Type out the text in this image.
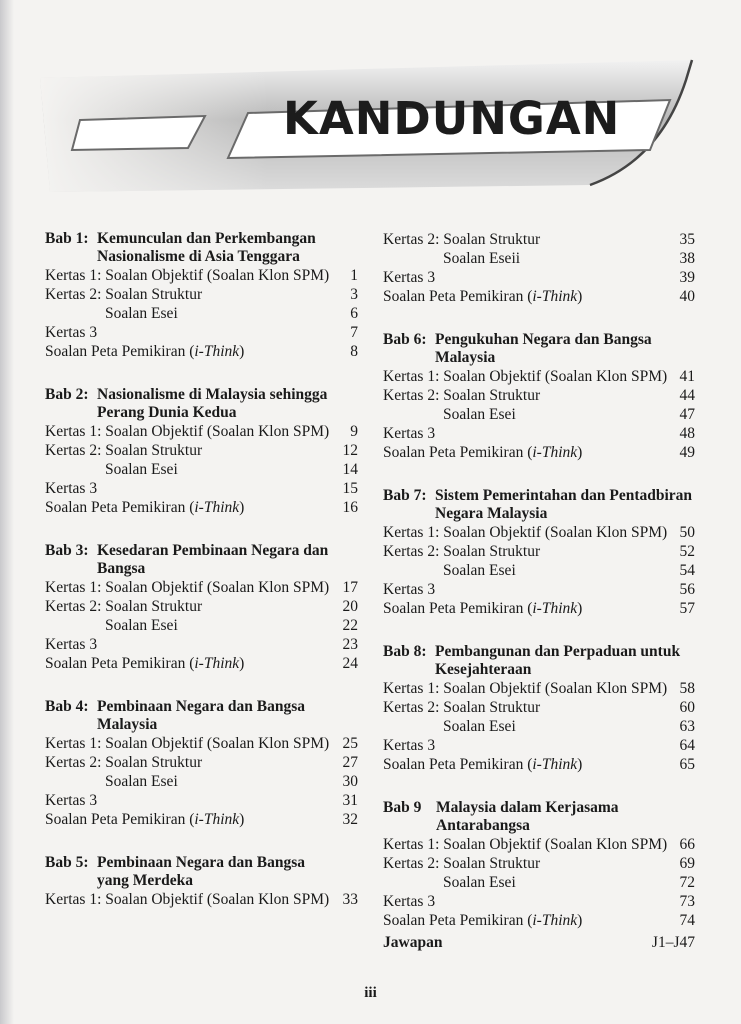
KANDUNGAN
Bab 1: Kemunculan dan Perkembangan
Nasionalisme di Asia Tenggara
Kertas 1: Soalan Objektif (Soalan Klon SPM) 1
Kertas 2: Soalan Struktur	3
Soalan Esei	6
Kertas 3	7
Soalan Peta Pemikiran (i-Think)	8
Bab 2: Nasionalisme di Malaysia sehingga
Perang Dunia Kedua
Kertas 1: Soalan Objektif (Soalan Klon SPM) 9
Kertas 2: Soalan Struktur	12
Soalan Esei	14
Kertas 3	15
Soalan Peta Pemikiran (i-Think)	16
Bab 3: Kesedaran Pembinaan Negara dan
Bangsa
Kertas 1: Soalan Objektif (Soalan Klon SPM) 17
Kertas 2: Soalan Struktur	20
Soalan Esei	22
Kertas 3	23
Soalan Peta Pemikiran (i-Think)	24
Bab 4: Pembinaan Negara dan Bangsa
Malaysia
Kertas 1: Soalan Objektif (Soalan Klon SPM) 25
Kertas 2: Soalan Struktur	27
Soalan Esei	30
Kertas 3	31
Soalan Peta Pemikiran (i-Think)	32
Bab 5: Pembinaan Negara dan Bangsa
yang Merdeka
Kertas 1: Soalan Objektif (Soalan Klon SPM) 33
Kertas 2: Soalan Struktur	35
Soalan Eseii	38
Kertas 3	39
Soalan Peta Pemikiran (i-Think)	40
Bab 6: Pengukuhan Negara dan Bangsa
Malaysia
Kertas 1: Soalan Objektif (Soalan Klon SPM) 41
Kertas 2: Soalan Struktur	44
Soalan Esei	47
Kertas 3	48
Soalan Peta Pemikiran (i-Think)	49
Bab 7: Sistem Pemerintahan dan Pentadbiran
Negara Malaysia
Kertas 1: Soalan Objektif (Soalan Klon SPM) 50
Kertas 2: Soalan Struktur	52
Soalan Esei	54
Kertas 3	56
Soalan Peta Pemikiran (i-Think)	57
Bab 8: Pembangunan dan Perpaduan untuk
Kesejahteraan
Kertas 1: Soalan Objektif (Soalan Klon SPM) 58
Kertas 2: Soalan Struktur	60
Soalan Esei	63
Kertas 3	64
Soalan Peta Pemikiran (i-Think)	65
Bab 9 Malaysia dalam Kerjasama
Antarabangsa
Kertas 1: Soalan Objektif (Soalan Klon SPM) 66
Kertas 2: Soalan Struktur	69
Soalan Esei	72
Kertas 3	73
Soalan Peta Pemikiran (i-Think)	74
Jawapan	J1–J47
iii
